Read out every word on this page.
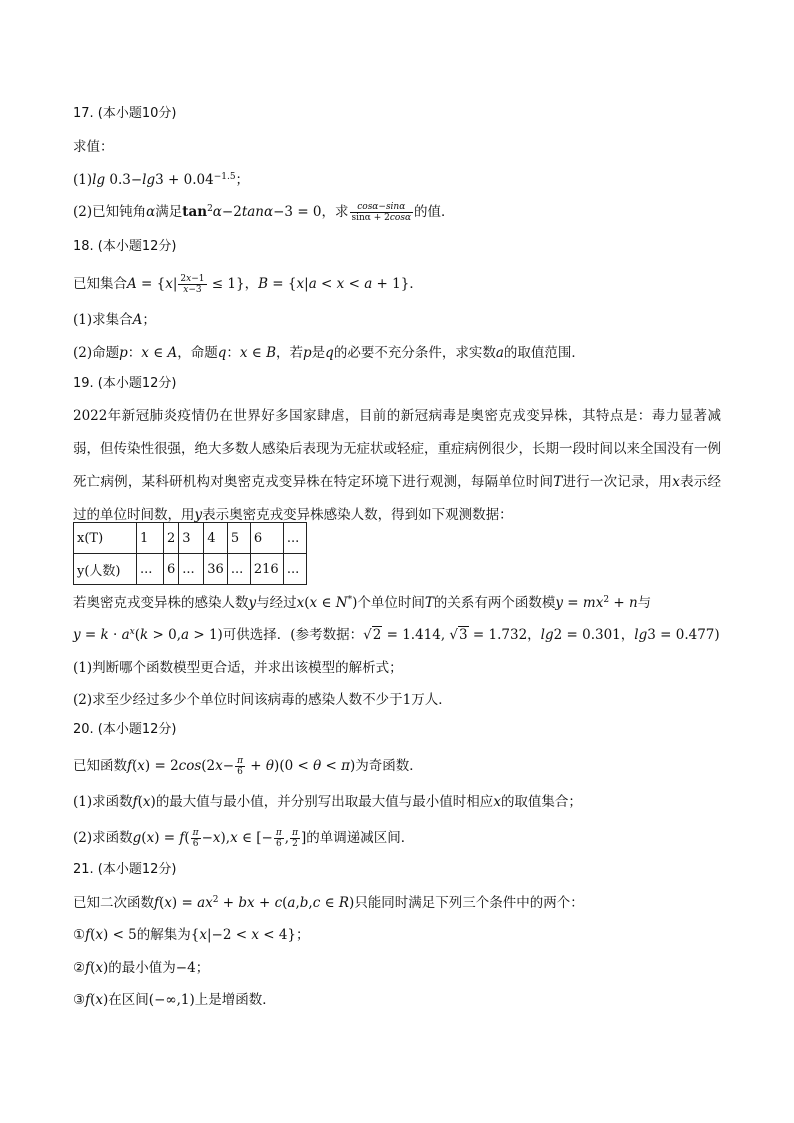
17. (本小题10分)
求值：
(1)lg $0.3-\lg 3 + 0.04^{-1.5}$；
(2)已知钝角α满足$\tan^2\alpha-2\tan\alpha-3 = 0$，求 $\frac{\cos\alpha-\sin\alpha}{\sin\alpha + 2\cos\alpha}$ 的值．
18. (本小题12分)
已知集合$A = \{x| \frac{2x-1}{x-3} \le 1\}$，B = {x|a < x < a + 1}．
(1)求集合A；
(2)命题p：x ∈ A，命题q：x ∈ B，若p是q的必要不充分条件，求实数a的取值范围．
19. (本小题12分)
2022年新冠肺炎疫情仍在世界好多国家肆虐，目前的新冠病毒是奥密克戎变异株，其特点是：毒力显著减弱，但传染性很强，绝大多数人感染后表现为无症状或轻症，重症病例很少，长期一段时间以来全国没有一例死亡病例，某科研机构对奥密克戎变异株在特定环境下进行观测，每隔单位时间T进行一次记录，用x表示经过的单位时间数，用y表示奥密克戎变异株感染人数，得到如下观测数据：
x(T)	1	2	3	4	5	6	...
y(人数)	...	6	...	36	...	216	...
若奥密克戎变异株的感染人数y与经过x(x ∈ N*)个单位时间T的关系有两个函数模$y = mx^2 + n$与
$y = k \cdot a^x(k > 0,a > 1)$可供选择．(参考数据：√2 = 1.414, √3 = 1.732，lg2 = 0.301，lg3 = 0.477)
(1)判断哪个函数模型更合适，并求出该模型的解析式；
(2)求至少经过多少个单位时间该病毒的感染人数不少于1万人．
20. (本小题12分)
已知函数$f(x) = 2\cos(2x- \frac{\pi}{6} + \theta)(0 < \theta < \pi)$为奇函数．
(1)求函数f(x)的最大值与最小值，并分别写出取最大值与最小值时相应x的取值集合；
(2)求函数$g(x) = f( \frac{\pi}{6} -x),x$ ∈ [− $\frac{\pi}{6}$ , $\frac{\pi}{2}$ ]的单调递减区间．
21. (本小题12分)
已知二次函数$f(x) = ax^2$ + bx + c(a,b,c ∈ R)只能同时满足下列三个条件中的两个：
①f(x) < 5的解集为{x|−2 < x < 4}；
②f(x)的最小值为−4；
③f(x)在区间(−∞,1)上是增函数．
